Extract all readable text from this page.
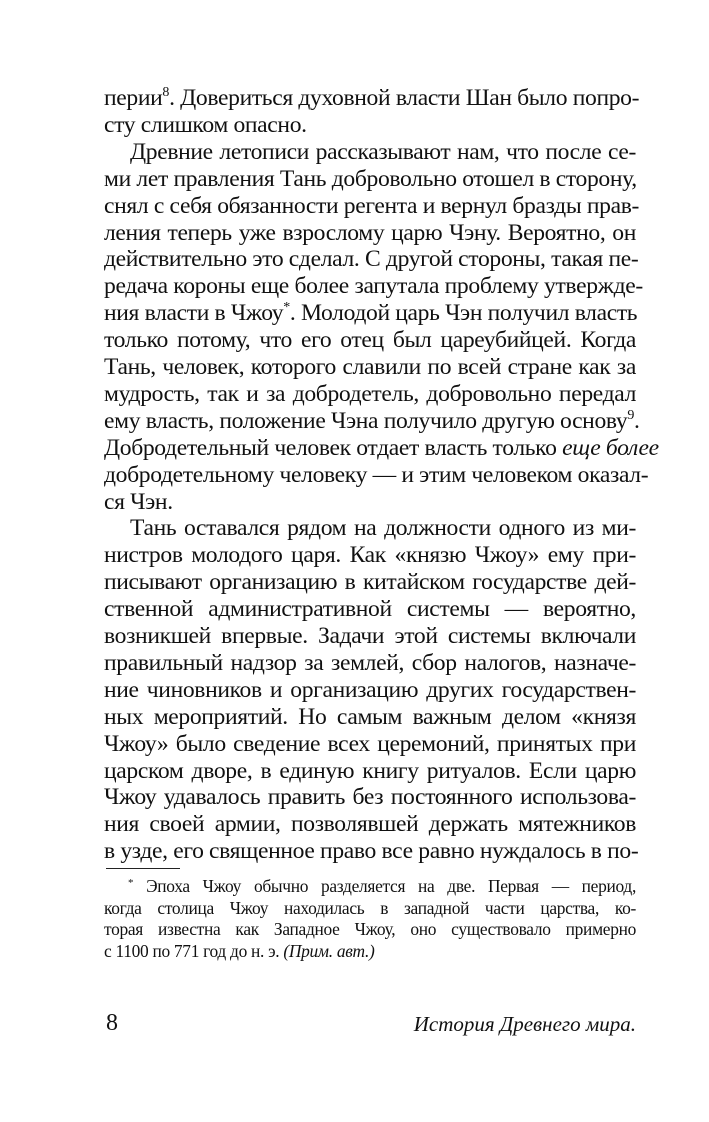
перии$^8$. Довериться духовной власти Шан было попро-
сту слишком опасно.
Древние летописи рассказывают нам, что после се-
ми лет правления Тань добровольно отошел в сторону,
снял с себя обязанности регента и вернул бразды прав-
ления теперь уже взрослому царю Чэну. Вероятно, он
действительно это сделал. С другой стороны, такая пе-
редача короны еще более запутала проблему утвержде-
ния власти в Чжоу*. Молодой царь Чэн получил власть
только потому, что его отец был цареубийцей. Когда
Тань, человек, которого славили по всей стране как за
мудрость, так и за добродетель, добровольно передал
ему власть, положение Чэна получило другую основу$^9$.
Добродетельный человек отдает власть только еще более
добродетельному человеку — и этим человеком оказал-
ся Чэн.
Тань оставался рядом на должности одного из ми-
нистров молодого царя. Как «князю Чжоу» ему при-
писывают организацию в китайском государстве дей-
ственной административной системы — вероятно,
возникшей впервые. Задачи этой системы включали
правильный надзор за землей, сбор налогов, назначе-
ние чиновников и организацию других государствен-
ных мероприятий. Но самым важным делом «князя
Чжоу» было сведение всех церемоний, принятых при
царском дворе, в единую книгу ритуалов. Если царю
Чжоу удавалось править без постоянного использова-
ния своей армии, позволявшей держать мятежников
* Эпоха Чжоу обычно разделяется на две. Первая — период,
когда столица Чжоу находилась в западной части царства, ко-
торая известна как Западное Чжоу, оно существовало примерно
с 1100 по 771 год до н. э. (Прим. авт.)
8	История Древнего мира.
в узде, его священное право все равно нуждалось в по-
